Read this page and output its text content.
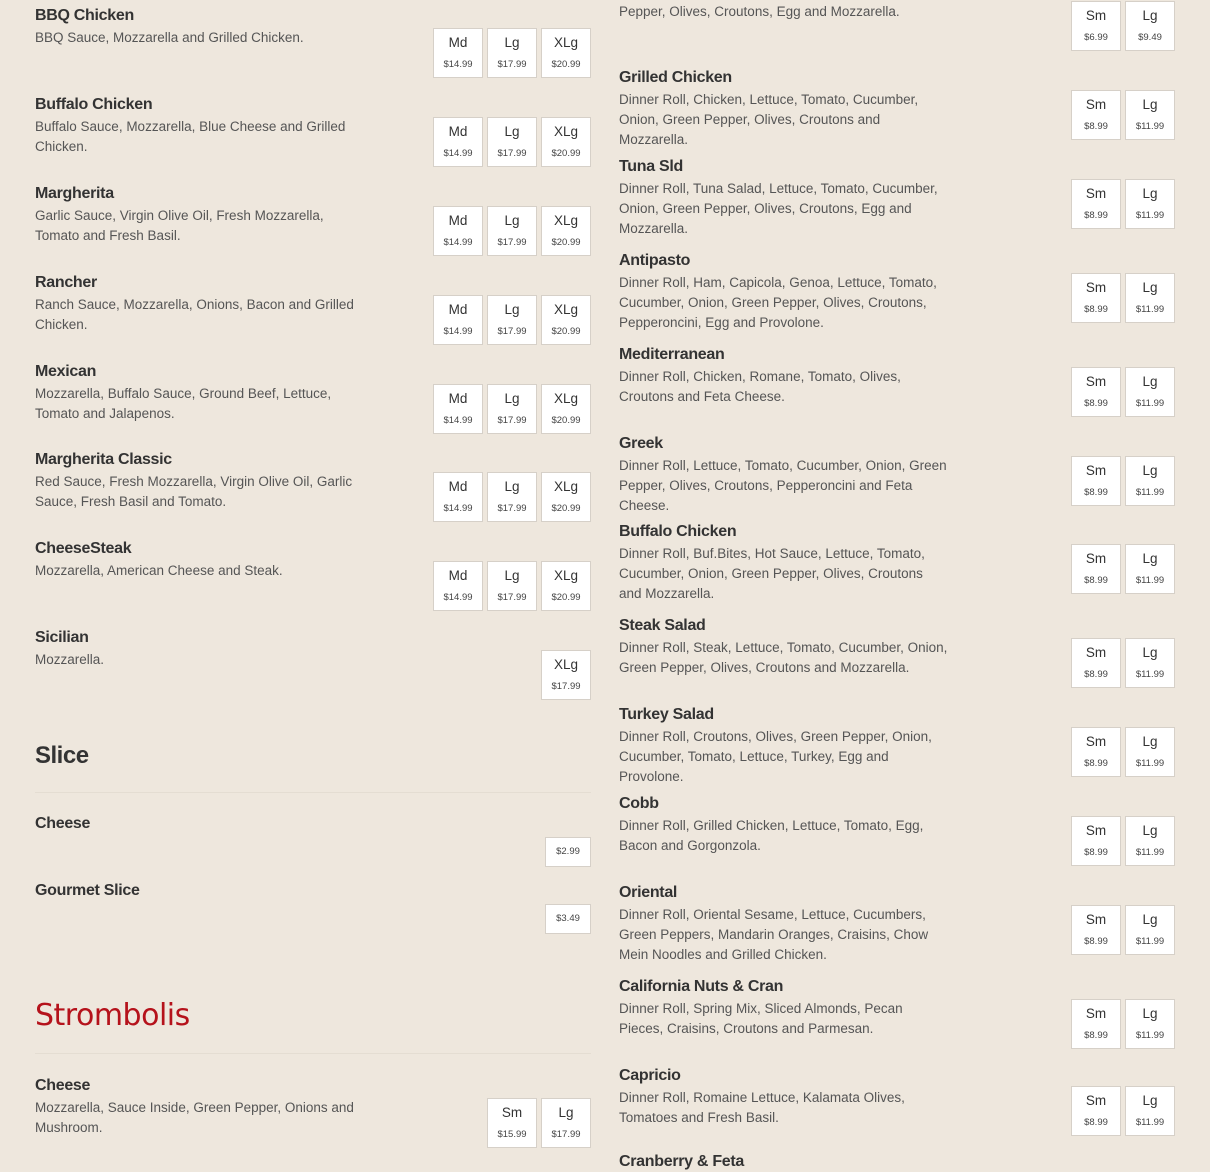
BBQ Chicken

BBQ Sauce, Mozzarella and Grilled Chicken.	Md
$14.99
Lg
$17.99
XLg
$20.99
Buffalo Chicken

Buffalo Sauce, Mozzarella, Blue Cheese and Grilled Chicken.

Md
$14.99
Lg
$17.99
XLg
$20.99
Margherita

Garlic Sauce, Virgin Olive Oil, Fresh Mozzarella, Tomato and Fresh Basil.

Md
$14.99
Lg
$17.99
XLg
$20.99
Rancher

Ranch Sauce, Mozzarella, Onions, Bacon and Grilled Chicken.

Md
$14.99
Lg
$17.99
XLg
$20.99
Mexican

Mozzarella, Buffalo Sauce, Ground Beef, Lettuce, Tomato and Jalapenos.

Md
$14.99
Lg
$17.99
XLg
$20.99
Margherita Classic

Red Sauce, Fresh Mozzarella, Virgin Olive Oil, Garlic Sauce, Fresh Basil and Tomato.

Md
$14.99
Lg
$17.99
XLg
$20.99
CheeseSteak

Mozzarella, American Cheese and Steak.	Md
$14.99
Lg
$17.99
XLg
$20.99
Sicilian

Mozzarella.	XLg
$17.99
Slice
Cheese
$2.99
Gourmet Slice
$3.49
Strombolis
Cheese

Mozzarella, Sauce Inside, Green Pepper, Onions and Mushroom.

Sm
$15.99
Lg
$17.99

Pepper, Olives, Croutons, Egg and Mozzarella.	Sm
$6.99
Lg
$9.49
Grilled Chicken

Dinner Roll, Chicken, Lettuce, Tomato, Cucumber, Onion, Green Pepper, Olives, Croutons and Mozzarella.

Sm
$8.99
Lg
$11.99
Tuna Sld

Dinner Roll, Tuna Salad, Lettuce, Tomato, Cucumber, Onion, Green Pepper, Olives, Croutons, Egg and Mozzarella.

Sm
$8.99
Lg
$11.99
Antipasto

Dinner Roll, Ham, Capicola, Genoa, Lettuce, Tomato, Cucumber, Onion, Green Pepper, Olives, Croutons, Pepperoncini, Egg and Provolone.

Sm
$8.99
Lg
$11.99
Mediterranean

Dinner Roll, Chicken, Romane, Tomato, Olives, Croutons and Feta Cheese.

Sm
$8.99
Lg
$11.99
Greek

Dinner Roll, Lettuce, Tomato, Cucumber, Onion, Green Pepper, Olives, Croutons, Pepperoncini and Feta Cheese.

Sm
$8.99
Lg
$11.99
Buffalo Chicken

Dinner Roll, Buf.Bites, Hot Sauce, Lettuce, Tomato, Cucumber, Onion, Green Pepper, Olives, Croutons and Mozzarella.

Sm
$8.99
Lg
$11.99
Steak Salad

Dinner Roll, Steak, Lettuce, Tomato, Cucumber, Onion, Green Pepper, Olives, Croutons and Mozzarella.

Sm
$8.99
Lg
$11.99
Turkey Salad

Dinner Roll, Croutons, Olives, Green Pepper, Onion, Cucumber, Tomato, Lettuce, Turkey, Egg and Provolone.

Sm
$8.99
Lg
$11.99
Cobb

Dinner Roll, Grilled Chicken, Lettuce, Tomato, Egg, Bacon and Gorgonzola.

Sm
$8.99
Lg
$11.99
Oriental

Dinner Roll, Oriental Sesame, Lettuce, Cucumbers, Green Peppers, Mandarin Oranges, Craisins, Chow Mein Noodles and Grilled Chicken.

Sm
$8.99
Lg
$11.99
California Nuts & Cran

Dinner Roll, Spring Mix, Sliced Almonds, Pecan Pieces, Craisins, Croutons and Parmesan.

Sm
$8.99
Lg
$11.99
Capricio

Dinner Roll, Romaine Lettuce, Kalamata Olives, Tomatoes and Fresh Basil.

Sm
$8.99
Lg
$11.99
Cranberry & Feta
